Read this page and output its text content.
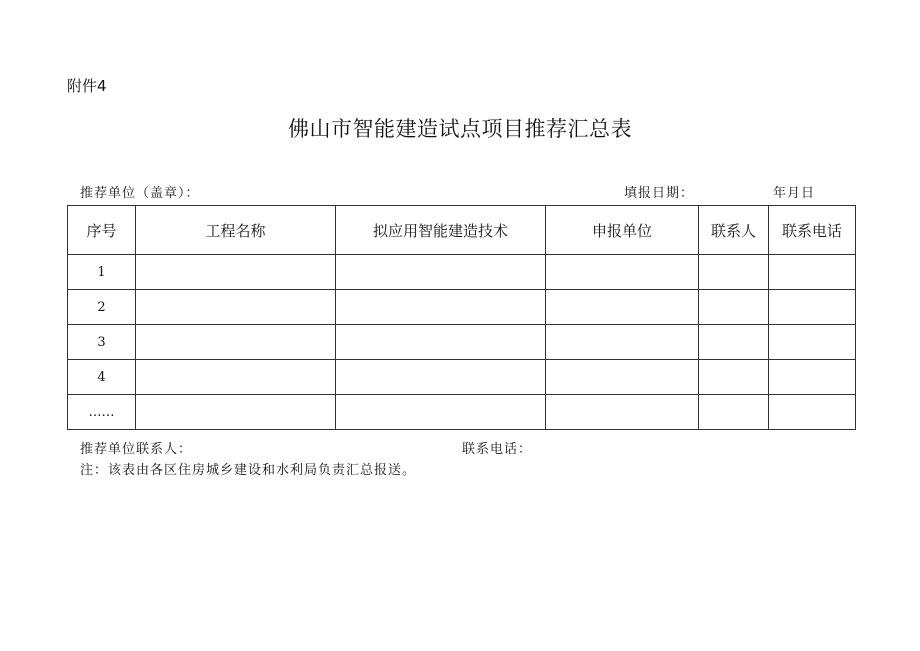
附件4
佛山市智能建造试点项目推荐汇总表
推荐单位（盖章）：	填报日期：	年月日
序号	工程名称	拟应用智能建造技术	申报单位	联系人	联系电话
1					
2					
3					
4					
……					
推荐单位联系人：	联系电话：
注：该表由各区住房城乡建设和水利局负责汇总报送。
